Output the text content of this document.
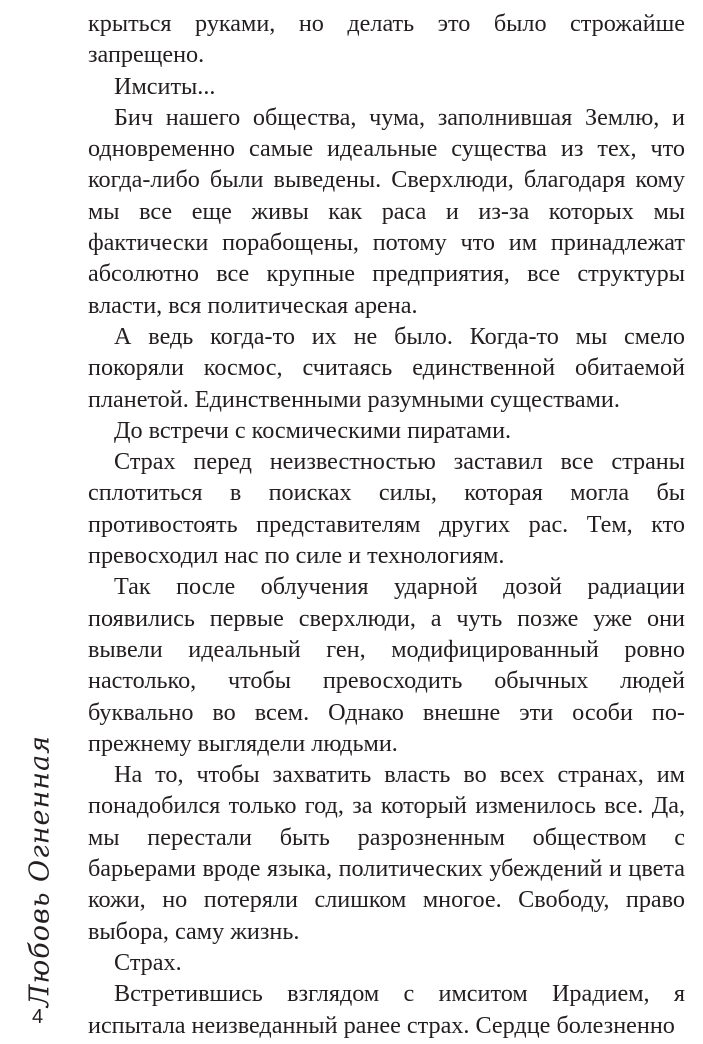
крыться руками, но делать это было строжайше запрещено.

Имситы...

Бич нашего общества, чума, заполнившая Землю, и одновременно самые идеальные существа из тех, что когда-либо были выведены. Сверхлюди, благодаря кому мы все еще живы как раса и из-за которых мы фактически порабощены, потому что им принадлежат абсолютно все крупные предприятия, все структуры власти, вся политическая арена.

А ведь когда-то их не было. Когда-то мы смело покоряли космос, считаясь единственной обитаемой планетой. Единственными разумными существами.

До встречи с космическими пиратами.

Страх перед неизвестностью заставил все страны сплотиться в поисках силы, которая могла бы противостоять представителям других рас. Тем, кто превосходил нас по силе и технологиям.

Так после облучения ударной дозой радиации появились первые сверхлюди, а чуть позже уже они вывели идеальный ген, модифицированный ровно настолько, чтобы превосходить обычных людей буквально во всем. Однако внешне эти особи по-прежнему выглядели людьми.

На то, чтобы захватить власть во всех странах, им понадобился только год, за который изменилось все. Да, мы перестали быть разрозненным обществом с барьерами вроде языка, политических убеждений и цвета кожи, но потеряли слишком многое. Свободу, право выбора, саму жизнь.

Страх.

Встретившись взглядом с имситом Ирадием, я испытала неизведанный ранее страх. Сердце болезненно

Любовь Огненная
4
